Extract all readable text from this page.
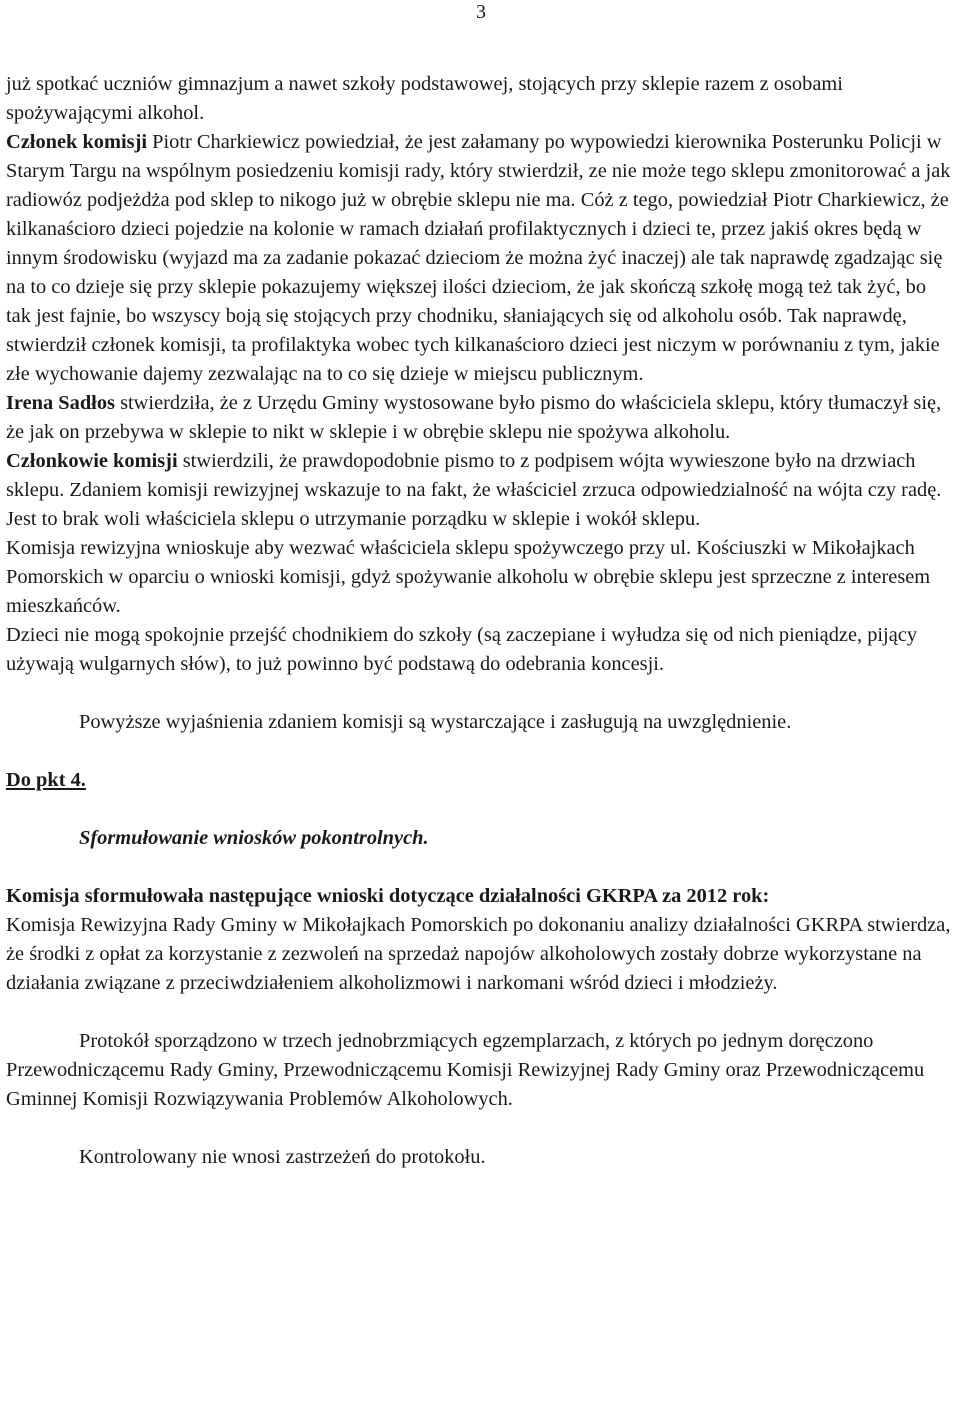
3

już spotkać uczniów gimnazjum a nawet szkoły podstawowej, stojących przy sklepie razem z osobami spożywającymi alkohol.

Członek komisji Piotr Charkiewicz powiedział, że jest załamany po wypowiedzi kierownika Posterunku Policji w Starym Targu na wspólnym posiedzeniu komisji rady, który stwierdził, ze nie może tego sklepu zmonitorować a jak radiowóz podjeżdża pod sklep to nikogo już w obrębie sklepu nie ma. Cóż z tego, powiedział Piotr Charkiewicz, że kilkanaścioro dzieci pojedzie na kolonie w ramach działań profilaktycznych i dzieci te, przez jakiś okres będą w innym środowisku (wyjazd ma za zadanie pokazać dzieciom że można żyć inaczej) ale tak naprawdę zgadzając się na to co dzieje się przy sklepie pokazujemy większej ilości dzieciom, że jak skończą szkołę mogą też tak żyć, bo tak jest fajnie, bo wszyscy boją się stojących przy chodniku, słaniających się od alkoholu osób. Tak naprawdę, stwierdził członek komisji, ta profilaktyka wobec tych kilkanaścioro dzieci jest niczym w porównaniu z tym, jakie złe wychowanie dajemy zezwalając na to co się dzieje w miejscu publicznym.

Irena Sadłos stwierdziła, że z Urzędu Gminy wystosowane było pismo do właściciela sklepu, który tłumaczył się, że jak on przebywa w sklepie to nikt w sklepie i w obrębie sklepu nie spożywa alkoholu.

Członkowie komisji stwierdzili, że prawdopodobnie pismo to z podpisem wójta wywieszone było na drzwiach sklepu. Zdaniem komisji rewizyjnej wskazuje to na fakt, że właściciel zrzuca odpowiedzialność na wójta czy radę. Jest to brak woli właściciela sklepu o utrzymanie porządku w sklepie i wokół sklepu.

Komisja rewizyjna wnioskuje aby wezwać właściciela sklepu spożywczego przy ul. Kościuszki w Mikołajkach Pomorskich w oparciu o wnioski komisji, gdyż spożywanie alkoholu w obrębie sklepu jest sprzeczne z interesem mieszkańców.

Dzieci nie mogą spokojnie przejść chodnikiem do szkoły (są zaczepiane i wyłudza się od nich pieniądze, pijący używają wulgarnych słów), to już powinno być podstawą do odebrania koncesji.

Powyższe wyjaśnienia zdaniem komisji są wystarczające i zasługują na uwzględnienie.

Do pkt 4.

Sformułowanie wniosków pokontrolnych.

Komisja sformułowała następujące wnioski dotyczące działalności GKRPA za 2012 rok:

Komisja Rewizyjna Rady Gminy w Mikołajkach Pomorskich po dokonaniu analizy działalności GKRPA stwierdza, że środki z opłat za korzystanie z zezwoleń na sprzedaż napojów alkoholowych zostały dobrze wykorzystane na działania związane z przeciwdziałeniem alkoholizmowi i narkomani wśród dzieci i młodzieży.

Protokół sporządzono w trzech jednobrzmiących egzemplarzach, z których po jednym doręczono Przewodniczącemu Rady Gminy, Przewodniczącemu Komisji Rewizyjnej Rady Gminy oraz Przewodniczącemu Gminnej Komisji Rozwiązywania Problemów Alkoholowych.

Kontrolowany nie wnosi zastrzeżeń do protokołu.
